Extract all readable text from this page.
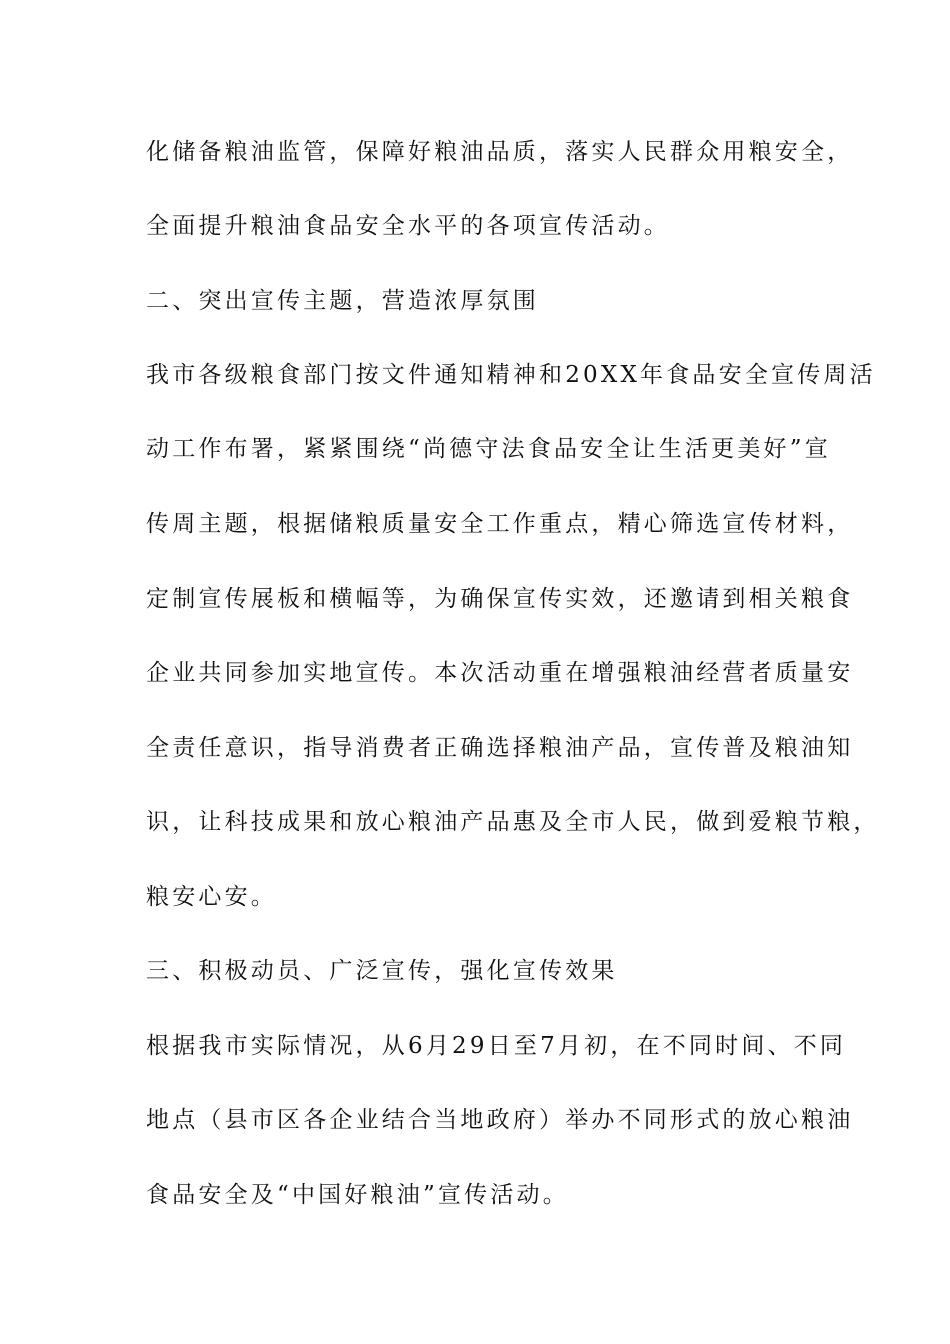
化储备粮油监管，保障好粮油品质，落实人民群众用粮安全，
全面提升粮油食品安全水平的各项宣传活动。
二、突出宣传主题，营造浓厚氛围
我市各级粮食部门按文件通知精神和20XX年食品安全宣传周活
动工作布署，紧紧围绕“尚德守法食品安全让生活更美好”宣
传周主题，根据储粮质量安全工作重点，精心筛选宣传材料，
定制宣传展板和横幅等，为确保宣传实效，还邀请到相关粮食
企业共同参加实地宣传。本次活动重在增强粮油经营者质量安
全责任意识，指导消费者正确选择粮油产品，宣传普及粮油知
识，让科技成果和放心粮油产品惠及全市人民，做到爱粮节粮，
粮安心安。
三、积极动员、广泛宣传，强化宣传效果
根据我市实际情况，从6月29日至7月初，在不同时间、不同
地点（县市区各企业结合当地政府）举办不同形式的放心粮油
食品安全及“中国好粮油”宣传活动。
